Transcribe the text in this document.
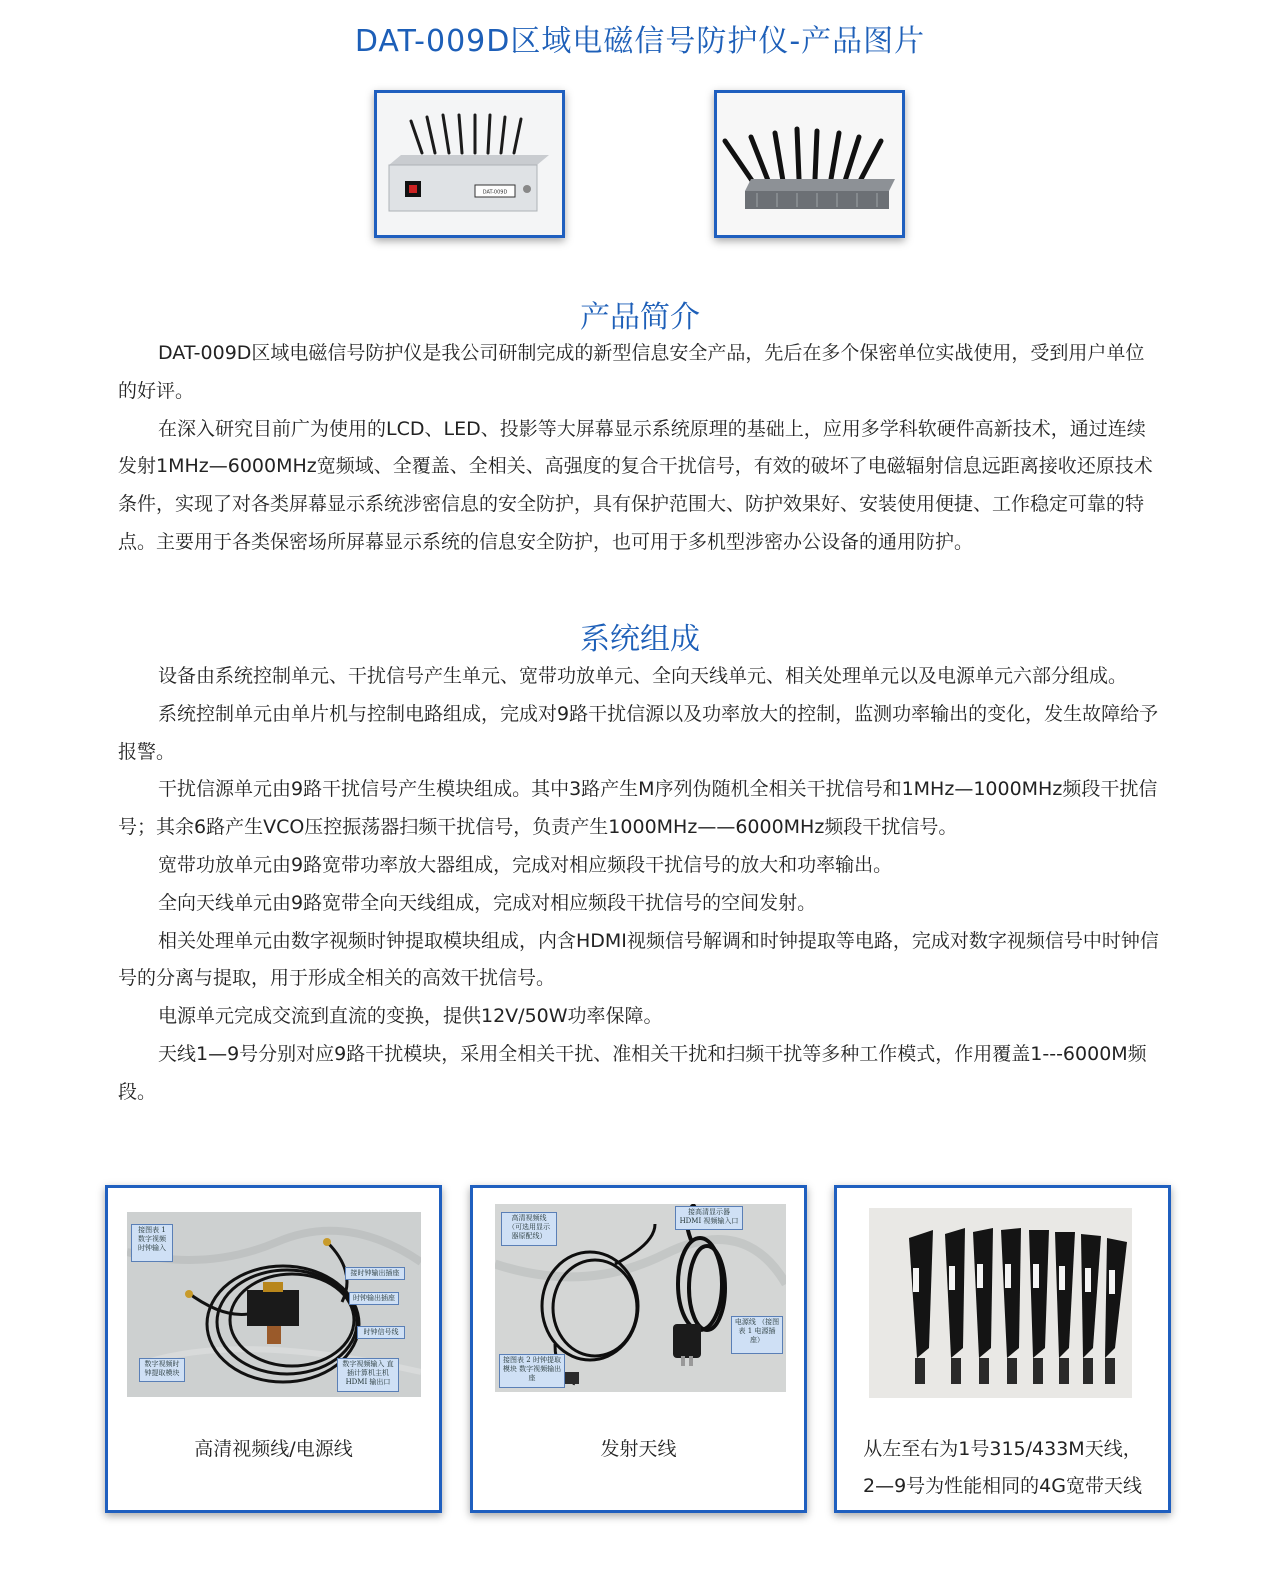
DAT-009D区域电磁信号防护仪-产品图片
DAT-009D
产品简介

DAT-009D区域电磁信号防护仪是我公司研制完成的新型信息安全产品，先后在多个保密单位实战使用，受到用户单位的好评。

在深入研究目前广为使用的LCD、LED、投影等大屏幕显示系统原理的基础上，应用多学科软硬件高新技术，通过连续发射1MHz—6000MHz宽频域、全覆盖、全相关、高强度的复合干扰信号，有效的破坏了电磁辐射信息远距离接收还原技术条件，实现了对各类屏幕显示系统涉密信息的安全防护，具有保护范围大、防护效果好、安装使用便捷、工作稳定可靠的特点。主要用于各类保密场所屏幕显示系统的信息安全防护，也可用于多机型涉密办公设备的通用防护。

系统组成

设备由系统控制单元、干扰信号产生单元、宽带功放单元、全向天线单元、相关处理单元以及电源单元六部分组成。

系统控制单元由单片机与控制电路组成，完成对9路干扰信源以及功率放大的控制，监测功率输出的变化，发生故障给予报警。

干扰信源单元由9路干扰信号产生模块组成。其中3路产生M序列伪随机全相关干扰信号和1MHz—1000MHz频段干扰信号；其余6路产生VCO压控振荡器扫频干扰信号，负责产生1000MHz——6000MHz频段干扰信号。

宽带功放单元由9路宽带功率放大器组成，完成对相应频段干扰信号的放大和功率输出。

全向天线单元由9路宽带全向天线组成，完成对相应频段干扰信号的空间发射。

相关处理单元由数字视频时钟提取模块组成，内含HDMI视频信号解调和时钟提取等电路，完成对数字视频信号中时钟信号的分离与提取，用于形成全相关的高效干扰信号。

电源单元完成交流到直流的变换，提供12V/50W功率保障。

天线1—9号分别对应9路干扰模块，采用全相关干扰、准相关干扰和扫频干扰等多种工作模式，作用覆盖1---6000M频段。

接图表 1 数字视频 时钟输入
接时钟输出插座
时钟输出插座
时钟信号线
数字视频时 钟提取模块
数字视频输入 直插计算机主机 HDMI 输出口
高清视频线/电源线
高清视频线 （可选用显示 器原配线）
接高清显示器 HDMI 视频输入口
电源线 （接图表 1 电源插座）
接图表 2 时钟提取模块 数字视频输出座
发射天线	从左至右为1号315/433M天线，
2—9号为性能相同的4G宽带天线
